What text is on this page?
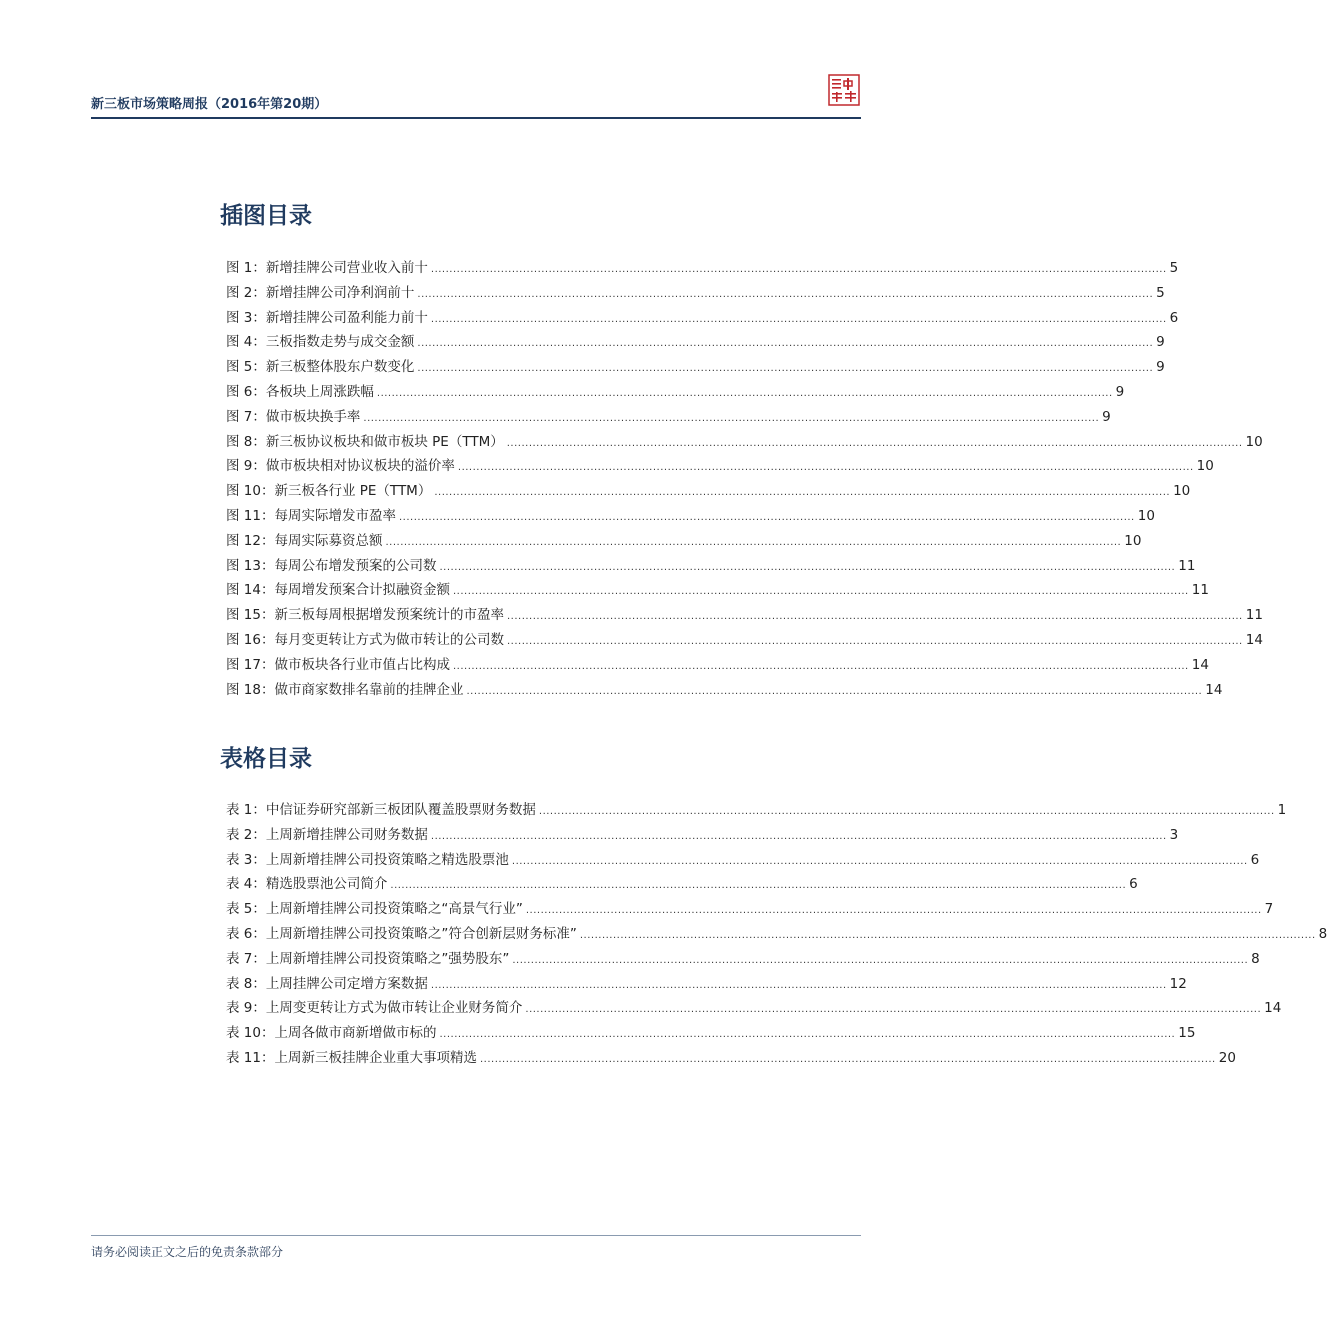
新三板市场策略周报（2016年第20期）
插图目录
图 1：新增挂牌公司营业收入前十 ........................................................................................................................................................................................................ 5
图 2：新增挂牌公司净利润前十 ........................................................................................................................................................................................................ 5
图 3：新增挂牌公司盈利能力前十 ........................................................................................................................................................................................................ 6
图 4：三板指数走势与成交金额 ........................................................................................................................................................................................................ 9
图 5：新三板整体股东户数变化 ........................................................................................................................................................................................................ 9
图 6：各板块上周涨跌幅 ........................................................................................................................................................................................................ 9
图 7：做市板块换手率 ........................................................................................................................................................................................................ 9
图 8：新三板协议板块和做市板块 PE（TTM） ........................................................................................................................................................................................................ 10
图 9：做市板块相对协议板块的溢价率 ........................................................................................................................................................................................................ 10
图 10：新三板各行业 PE（TTM） ........................................................................................................................................................................................................ 10
图 11：每周实际增发市盈率 ........................................................................................................................................................................................................ 10
图 12：每周实际募资总额 ........................................................................................................................................................................................................ 10
图 13：每周公布增发预案的公司数 ........................................................................................................................................................................................................ 11
图 14：每周增发预案合计拟融资金额 ........................................................................................................................................................................................................ 11
图 15：新三板每周根据增发预案统计的市盈率 ........................................................................................................................................................................................................ 11
图 16：每月变更转让方式为做市转让的公司数 ........................................................................................................................................................................................................ 14
图 17：做市板块各行业市值占比构成 ........................................................................................................................................................................................................ 14
图 18：做市商家数排名靠前的挂牌企业 ........................................................................................................................................................................................................ 14
表格目录
表 1：中信证券研究部新三板团队覆盖股票财务数据 ........................................................................................................................................................................................................ 1
表 2：上周新增挂牌公司财务数据 ........................................................................................................................................................................................................ 3
表 3：上周新增挂牌公司投资策略之精选股票池 ........................................................................................................................................................................................................ 6
表 4：精选股票池公司简介 ........................................................................................................................................................................................................ 6
表 5：上周新增挂牌公司投资策略之“高景气行业” ........................................................................................................................................................................................................ 7
表 6：上周新增挂牌公司投资策略之”符合创新层财务标准” ........................................................................................................................................................................................................ 8
表 7：上周新增挂牌公司投资策略之”强势股东” ........................................................................................................................................................................................................ 8
表 8：上周挂牌公司定增方案数据 ........................................................................................................................................................................................................ 12
表 9：上周变更转让方式为做市转让企业财务简介 ........................................................................................................................................................................................................ 14
表 10：上周各做市商新增做市标的 ........................................................................................................................................................................................................ 15
表 11：上周新三板挂牌企业重大事项精选 ........................................................................................................................................................................................................ 20
请务必阅读正文之后的免责条款部分
